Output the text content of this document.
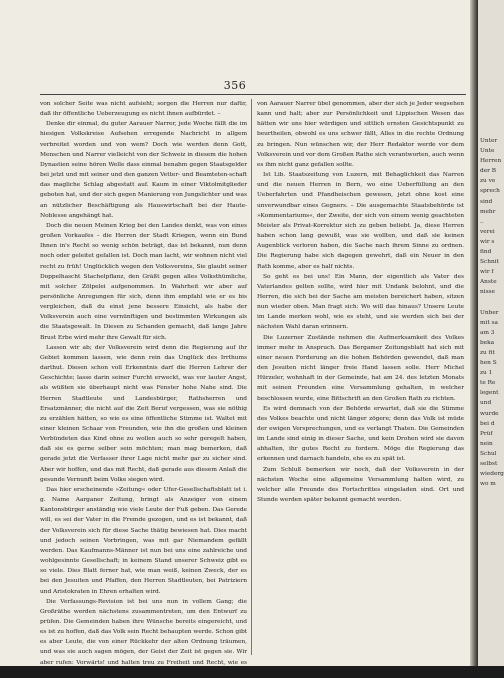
356

von solcher Seite was nicht aufsieht; sorgen die Herren nur dafür, daß ihr öffentliche Ueberzeugung es nicht ihnen aufbürdet. –

Denke dir einmal, du guter Aarauer Narrer, jede Woche fällt die im hiesigen Volkskreise Aufsehen erregende Nachricht in allgem verbreitet worden und von wem? Doch wie werden denn Gott, Menschen und Narrer vielleicht von der Schweiz in diesem die hohen Dynastien seine hören Welle dass einmal benahm gegen Staatsgelder bei jetzt und mit seiner und den ganzen Vetter- und Beamteten-schaft das magliche Schlag abgestatt auf. Kaum in einer Viktolmitglieder geboten hat, und der sich gegen Manierung von Jungslichter und was an nützlicher Beschäftigung als Hauswirtschaft bei der Haute-Noblesse angehängt hat.

Doch die neuen Meinen Krieg bei den Landes denkt, was von eines großen Vorkaufes – die Herren der Stadt Kriegen, wenn ein Bund Ihnen in's Recht so wenig schön beträgt, das ist bekannt, nun denn noch oder geleitet gefallen ist. Doch man lacht, wir wohnen nicht viel recht zu früh! Unglücklich wegen den Volksvereins, Sie glaubt seiner Doppelhascht Stachelpflanz, den Gräßt gegen alles Volksthümliche, mit solcher Zölpelei aufgenommen. In Wahrheit wir aber auf persönliche Anregungen für sich, denn ihm empfahl wie er es bis vergleichen, daß du einst jene bessere Einsicht, als habe der Volksverein auch eine vernünftigen und bestimmten Wirkungen als die Staatsgewalt. In Diesen zu Schanden gemacht, daß lange Jahre Brust Erbe wird mehr ihre Gewalt für sich.

Lassen wir ab; der Volksverein wird denn die Regierung auf ihr Gebiet kommen lassen, wie denn rein das Unglück des Irrthums darthut. Diesen schon voll Erkenntnis darf die Herren Lehrer der Geschichte; lasse darin seiner Furcht erweckt, was vor lauter Angst, als wüßten sie überhaupt nicht was Fenster hohe Nahe sind. Die Herren Stadtleute und Landesbürger, Rathsherren und Ersatzmänner, die nicht auf die Zeit Beruf vergessen, was sie nöthig zu erzählen hätten, so wie es eine öffentliche Stimme ist. Waltet mit einer kleinen Schaar von Freunden, wie ihn die großen und kleinen Verbündeten das Kind ohne zu wollen auch so sehr geregelt haben, daß sie es gerne selber sein möchten; man mag bemerken, daß gerade jetzt die Verfasser ihrer Lage nicht mehr gar zu sicher sind. Aber wir hoffen, und das mit Recht, daß gerade aus diesem Anlaß die gesunde Vernunft beim Volke siegen wird.

Das hier erscheinende »Zeitung« oder Ufer-Gesellschaftsblatt ist i. g. Name Aarganer Zeitung, bringt als Anzeiger von einem Kantonsbürger anständig wie viele Leute der Fuß geben. Das Gerede will, es sei der Vater in die Fremde gezogen, und es ist bekannt, daß der Volksverein sich für diese Sache thätig bewiesen hat. Dies macht und jedoch seinen Vorbringen, was mit gar Niemandem gefällt werden. Das Kaufmanns-Männer ist nun bei uns eine zahlreiche und wohlgesinnte Gesellschaft; in keinem Stand unserer Schweiz gibt es so viele. Dies Blatt ferner hat, wie man weiß, keinen Zweck, der es bei den Jesuiten und Pfaffen, den Herren Stadtleuten, bei Patriziern und Aristokraten in Ehren erhalten wird.

Die Verfassungs-Revision ist bei uns nun in vollem Gang; die Großräthe werden nächstens zusammentreten, um den Entwurf zu prüfen. Die Gemeinden haben ihre Wünsche bereits eingereicht, und es ist zu hoffen, daß das Volk sein Recht behaupten werde. Schon gibt es aber Leute, die von einer Rückkehr der alten Ordnung träumen, und was sie auch sagen mögen, der Geist der Zeit ist gegen sie. Wir aber rufen: Vorwärts! und halten treu zu Freiheit und Recht, wie es sich für freie Schweizer geziemt.

von Aarauer Narrer übel genommen, aber der sich je Jeder wegsehen kann und halt; aber zur Persönlichkeit und Lippischen Wesen das hätten wir uns hier würdigen und sittlich ernsten Gesichtspunkt zu beurtheilen, obwohl es uns schwer fällt, Alles in die rechte Ordnung zu bringen. Nun wünschen wir, der Herr Redaktor werde vor dem Volksverein und vor dem Großen Rathe sich verantworten, auch wenn es ihm nicht ganz gefallen sollte.

Ist Lib. Staatszeitung von Luzern, mit Behaglichkeit das Narren und die neuen Herren in Bern, wo eine Ueberfüllung an den Ueberfahrten und Pfandheischen gewesen, jetzt ohne kost eine unverwundbar eines Gegners. – Die ausgemachte Staatsbehörde ist »Kommentariums«, der Zweite, der sich von einem wenig geachteten Meister als Privat-Korrektur sich zu geben beliebt. Ja, diese Herren haben schon lang gewußt, was sie wollten, und daß sie keinen Augenblick verloren haben, die Sache nach ihrem Sinne zu ordnen. Die Regierung habe sich dagegen gewehrt, daß ein Neuer in den Rath komme, aber es half nichts.

So geht es bei uns! Ein Mann, der eigentlich als Vater des Vaterlandes gelten sollte, wird hier mit Undank belohnt, und die Herren, die sich bei der Sache am meisten bereichert haben, sitzen nun wieder oben. Man fragt sich: Wo will das hinaus? Unsere Leute im Lande merken wohl, wie es steht, und sie werden sich bei der nächsten Wahl daran erinnern.

Die Luzerner Zustände nehmen die Aufmerksamkeit des Volkes immer mehr in Anspruch. Das Bergamer Zeitungsblatt hat sich mit einer neuen Forderung an die hohen Behörden gewendet, daß man den Jesuiten nicht länger freie Hand lassen solle. Herr Michel Hürzeler, wohnhaft in der Gemeinde, hat am 24. des letzten Monats mit seinen Freunden eine Versammlung gehalten, in welcher beschlossen wurde, eine Bittschrift an den Großen Rath zu richten.

Es wird demnach von der Behörde erwartet, daß sie die Stimme des Volkes beachte und nicht länger zögere; denn das Volk ist müde der ewigen Versprechungen, und es verlangt Thaten. Die Gemeinden im Lande sind einig in dieser Sache, und kein Drohen wird sie davon abhalten, ihr gutes Recht zu fordern. Möge die Regierung das erkennen und darnach handeln, ehe es zu spät ist.

Zum Schluß bemerken wir noch, daß der Volksverein in der nächsten Woche eine allgemeine Versammlung halten wird, zu welcher alle Freunde des Fortschrittes eingeladen sind. Ort und Stunde werden später bekannt gemacht werden.

Unter
Unte
Herren
der B
zu ve
sprech
sind
mehr
..
verei
wir s
find
Schnit
wir f
Anste
nisse

Unber
mit sa
am 3
beka
zu fit
hen S
zu 1
te Re
legent
und
wurde
bei d
Prüf
nein
Schul
selbst
wiederg
wo m
